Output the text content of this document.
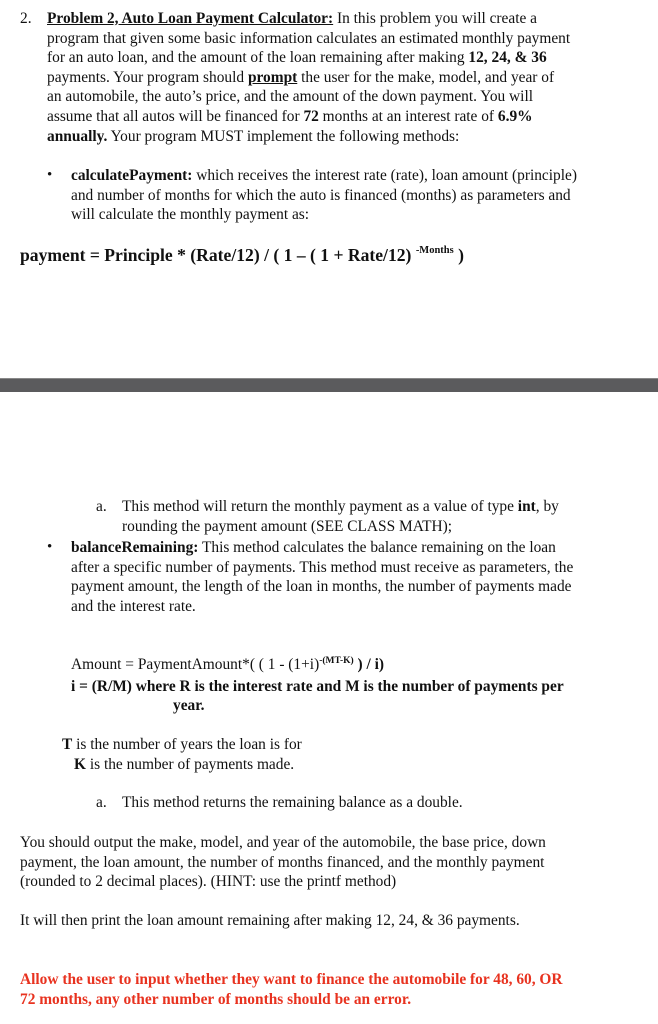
2. Problem 2, Auto Loan Payment Calculator: In this problem you will create a
program that given some basic information calculates an estimated monthly payment
for an auto loan, and the amount of the loan remaining after making 12, 24, & 36
payments. Your program should prompt the user for the make, model, and year of
an automobile, the auto’s price, and the amount of the down payment. You will
assume that all autos will be financed for 72 months at an interest rate of 6.9%
annually. Your program MUST implement the following methods:
• calculatePayment: which receives the interest rate (rate), loan amount (principle)
and number of months for which the auto is financed (months) as parameters and
will calculate the monthly payment as:
payment = Principle * (Rate/12) / ( 1 – ( 1 + Rate/12) $^{-Months}$ )
a. This method will return the monthly payment as a value of type int, by
rounding the payment amount (SEE CLASS MATH);
• balanceRemaining: This method calculates the balance remaining on the loan
after a specific number of payments. This method must receive as parameters, the
payment amount, the length of the loan in months, the number of payments made
and the interest rate.
Amount = PaymentAmount*( ( $1 - (1+i)^{-(MT-K)}$ ) / i)
i = (R/M) where R is the interest rate and M is the number of payments per
year.
T is the number of years the loan is for
K is the number of payments made.
a. This method returns the remaining balance as a double.
You should output the make, model, and year of the automobile, the base price, down
payment, the loan amount, the number of months financed, and the monthly payment
(rounded to 2 decimal places). (HINT: use the printf method)
It will then print the loan amount remaining after making 12, 24, & 36 payments.
Allow the user to input whether they want to finance the automobile for 48, 60, OR
72 months, any other number of months should be an error.
